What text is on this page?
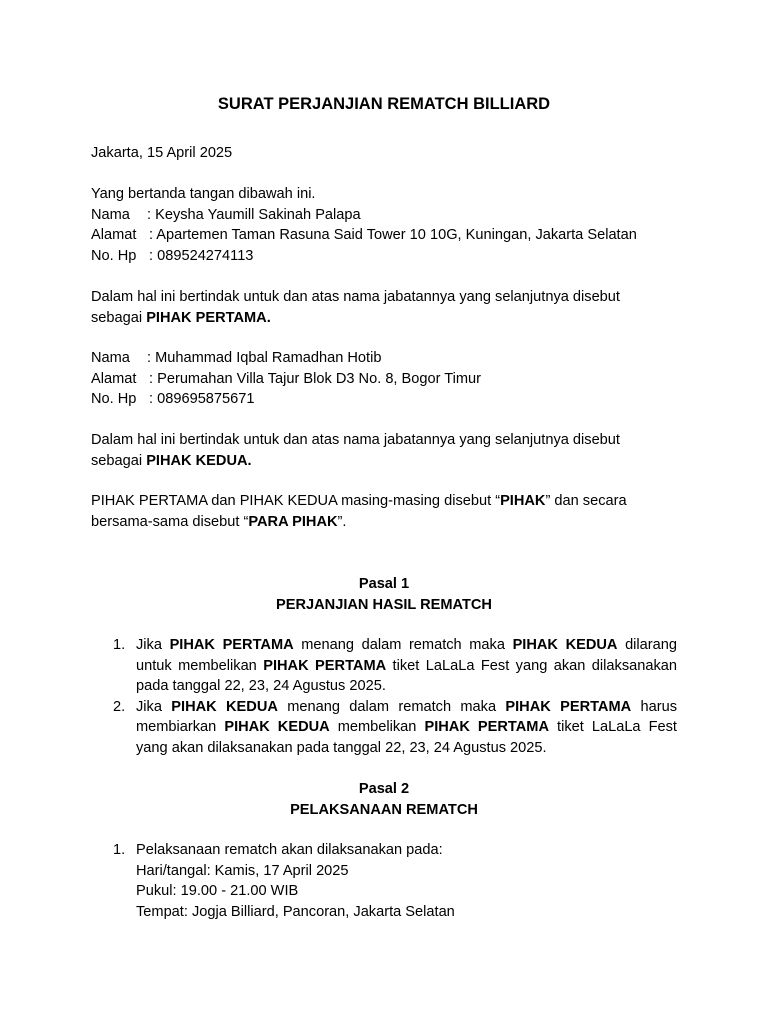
SURAT PERJANJIAN REMATCH BILLIARD
Jakarta, 15 April 2025
Yang bertanda tangan dibawah ini.
Nama : Keysha Yaumill Sakinah Palapa
Alamat : Apartemen Taman Rasuna Said Tower 10 10G, Kuningan, Jakarta Selatan
No. Hp : 089524274113
Dalam hal ini bertindak untuk dan atas nama jabatannya yang selanjutnya disebut
sebagai PIHAK PERTAMA.
Nama : Muhammad Iqbal Ramadhan Hotib
Alamat : Perumahan Villa Tajur Blok D3 No. 8, Bogor Timur
No. Hp : 089695875671
Dalam hal ini bertindak untuk dan atas nama jabatannya yang selanjutnya disebut
sebagai PIHAK KEDUA.
PIHAK PERTAMA dan PIHAK KEDUA masing-masing disebut “PIHAK” dan secara
bersama-sama disebut “PARA PIHAK”.
Pasal 1
PERJANJIAN HASIL REMATCH
1. Jika PIHAK PERTAMA menang dalam rematch maka PIHAK KEDUA dilarang
untuk membelikan PIHAK PERTAMA tiket LaLaLa Fest yang akan dilaksanakan
pada tanggal 22, 23, 24 Agustus 2025.
2. Jika PIHAK KEDUA menang dalam rematch maka PIHAK PERTAMA harus
membiarkan PIHAK KEDUA membelikan PIHAK PERTAMA tiket LaLaLa Fest
yang akan dilaksanakan pada tanggal 22, 23, 24 Agustus 2025.
Pasal 2
PELAKSANAAN REMATCH
1. Pelaksanaan rematch akan dilaksanakan pada:
Hari/tangal: Kamis, 17 April 2025
Pukul: 19.00 - 21.00 WIB
Tempat: Jogja Billiard, Pancoran, Jakarta Selatan
